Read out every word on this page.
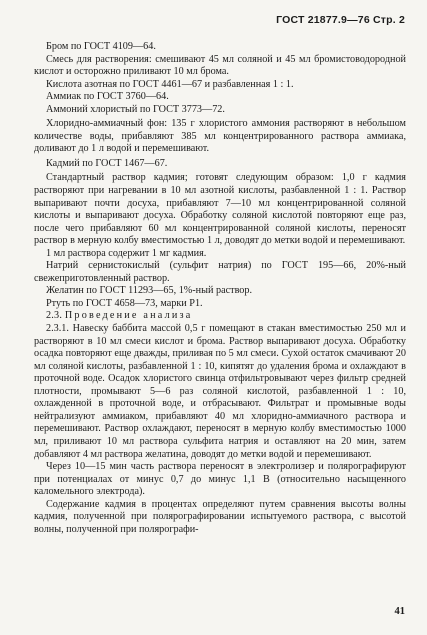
ГОСТ 21877.9—76 Стр. 2

Бром по ГОСТ 4109—64.

Смесь для растворения: смешивают 45 мл соляной и 45 мл бромистоводородной кислот и осторожно приливают 10 мл брома.

Кислота азотная по ГОСТ 4461—67 и разбавленная 1 : 1.

Аммиак по ГОСТ 3760—64.

Аммоний хлористый по ГОСТ 3773—72.

Хлоридно-аммиачный фон: 135 г хлористого аммония растворяют в небольшом количестве воды, прибавляют 385 мл концентрированного раствора аммиака, доливают до 1 л водой и перемешивают.

Кадмий по ГОСТ 1467—67.

Стандартный раствор кадмия; готовят следующим образом: 1,0 г кадмия растворяют при нагревании в 10 мл азотной кислоты, разбавленной 1 : 1. Раствор выпаривают почти досуха, прибавляют 7—10 мл концентрированной соляной кислоты и выпаривают досуха. Обработку соляной кислотой повторяют еще раз, после чего прибавляют 60 мл концентрированной соляной кислоты, переносят раствор в мерную колбу вместимостью 1 л, доводят до метки водой и перемешивают.

1 мл раствора содержит 1 мг кадмия.

Натрий сернистокислый (сульфит натрия) по ГОСТ 195—66, 20%-ный свежеприготовленный раствор.

Желатин по ГОСТ 11293—65, 1%-ный раствор.

Ртуть по ГОСТ 4658—73, марки Р1.

2.3. Проведение анализа

2.3.1. Навеску баббита массой 0,5 г помещают в стакан вместимостью 250 мл и растворяют в 10 мл смеси кислот и брома. Раствор выпаривают досуха. Обработку осадка повторяют еще дважды, приливая по 5 мл смеси. Сухой остаток смачивают 20 мл соляной кислоты, разбавленной 1 : 10, кипятят до удаления брома и охлаждают в проточной воде. Осадок хлористого свинца отфильтровывают через фильтр средней плотности, промывают 5—6 раз соляной кислотой, разбавленной 1 : 10, охлажденной в проточной воде, и отбрасывают. Фильтрат и промывные воды нейтрализуют аммиаком, прибавляют 40 мл хлоридно-аммиачного раствора и перемешивают. Раствор охлаждают, переносят в мерную колбу вместимостью 1000 мл, приливают 10 мл раствора сульфита натрия и оставляют на 20 мин, затем добавляют 4 мл раствора желатина, доводят до метки водой и перемешивают.

Через 10—15 мин часть раствора переносят в электролизер и полярографируют при потенциалах от минус 0,7 до минус 1,1 В (относительно насыщенного каломельного электрода).

Содержание кадмия в процентах определяют путем сравнения высоты волны кадмия, полученной при полярографировании испытуемого раствора, с высотой волны, полученной при полярографи-

41
